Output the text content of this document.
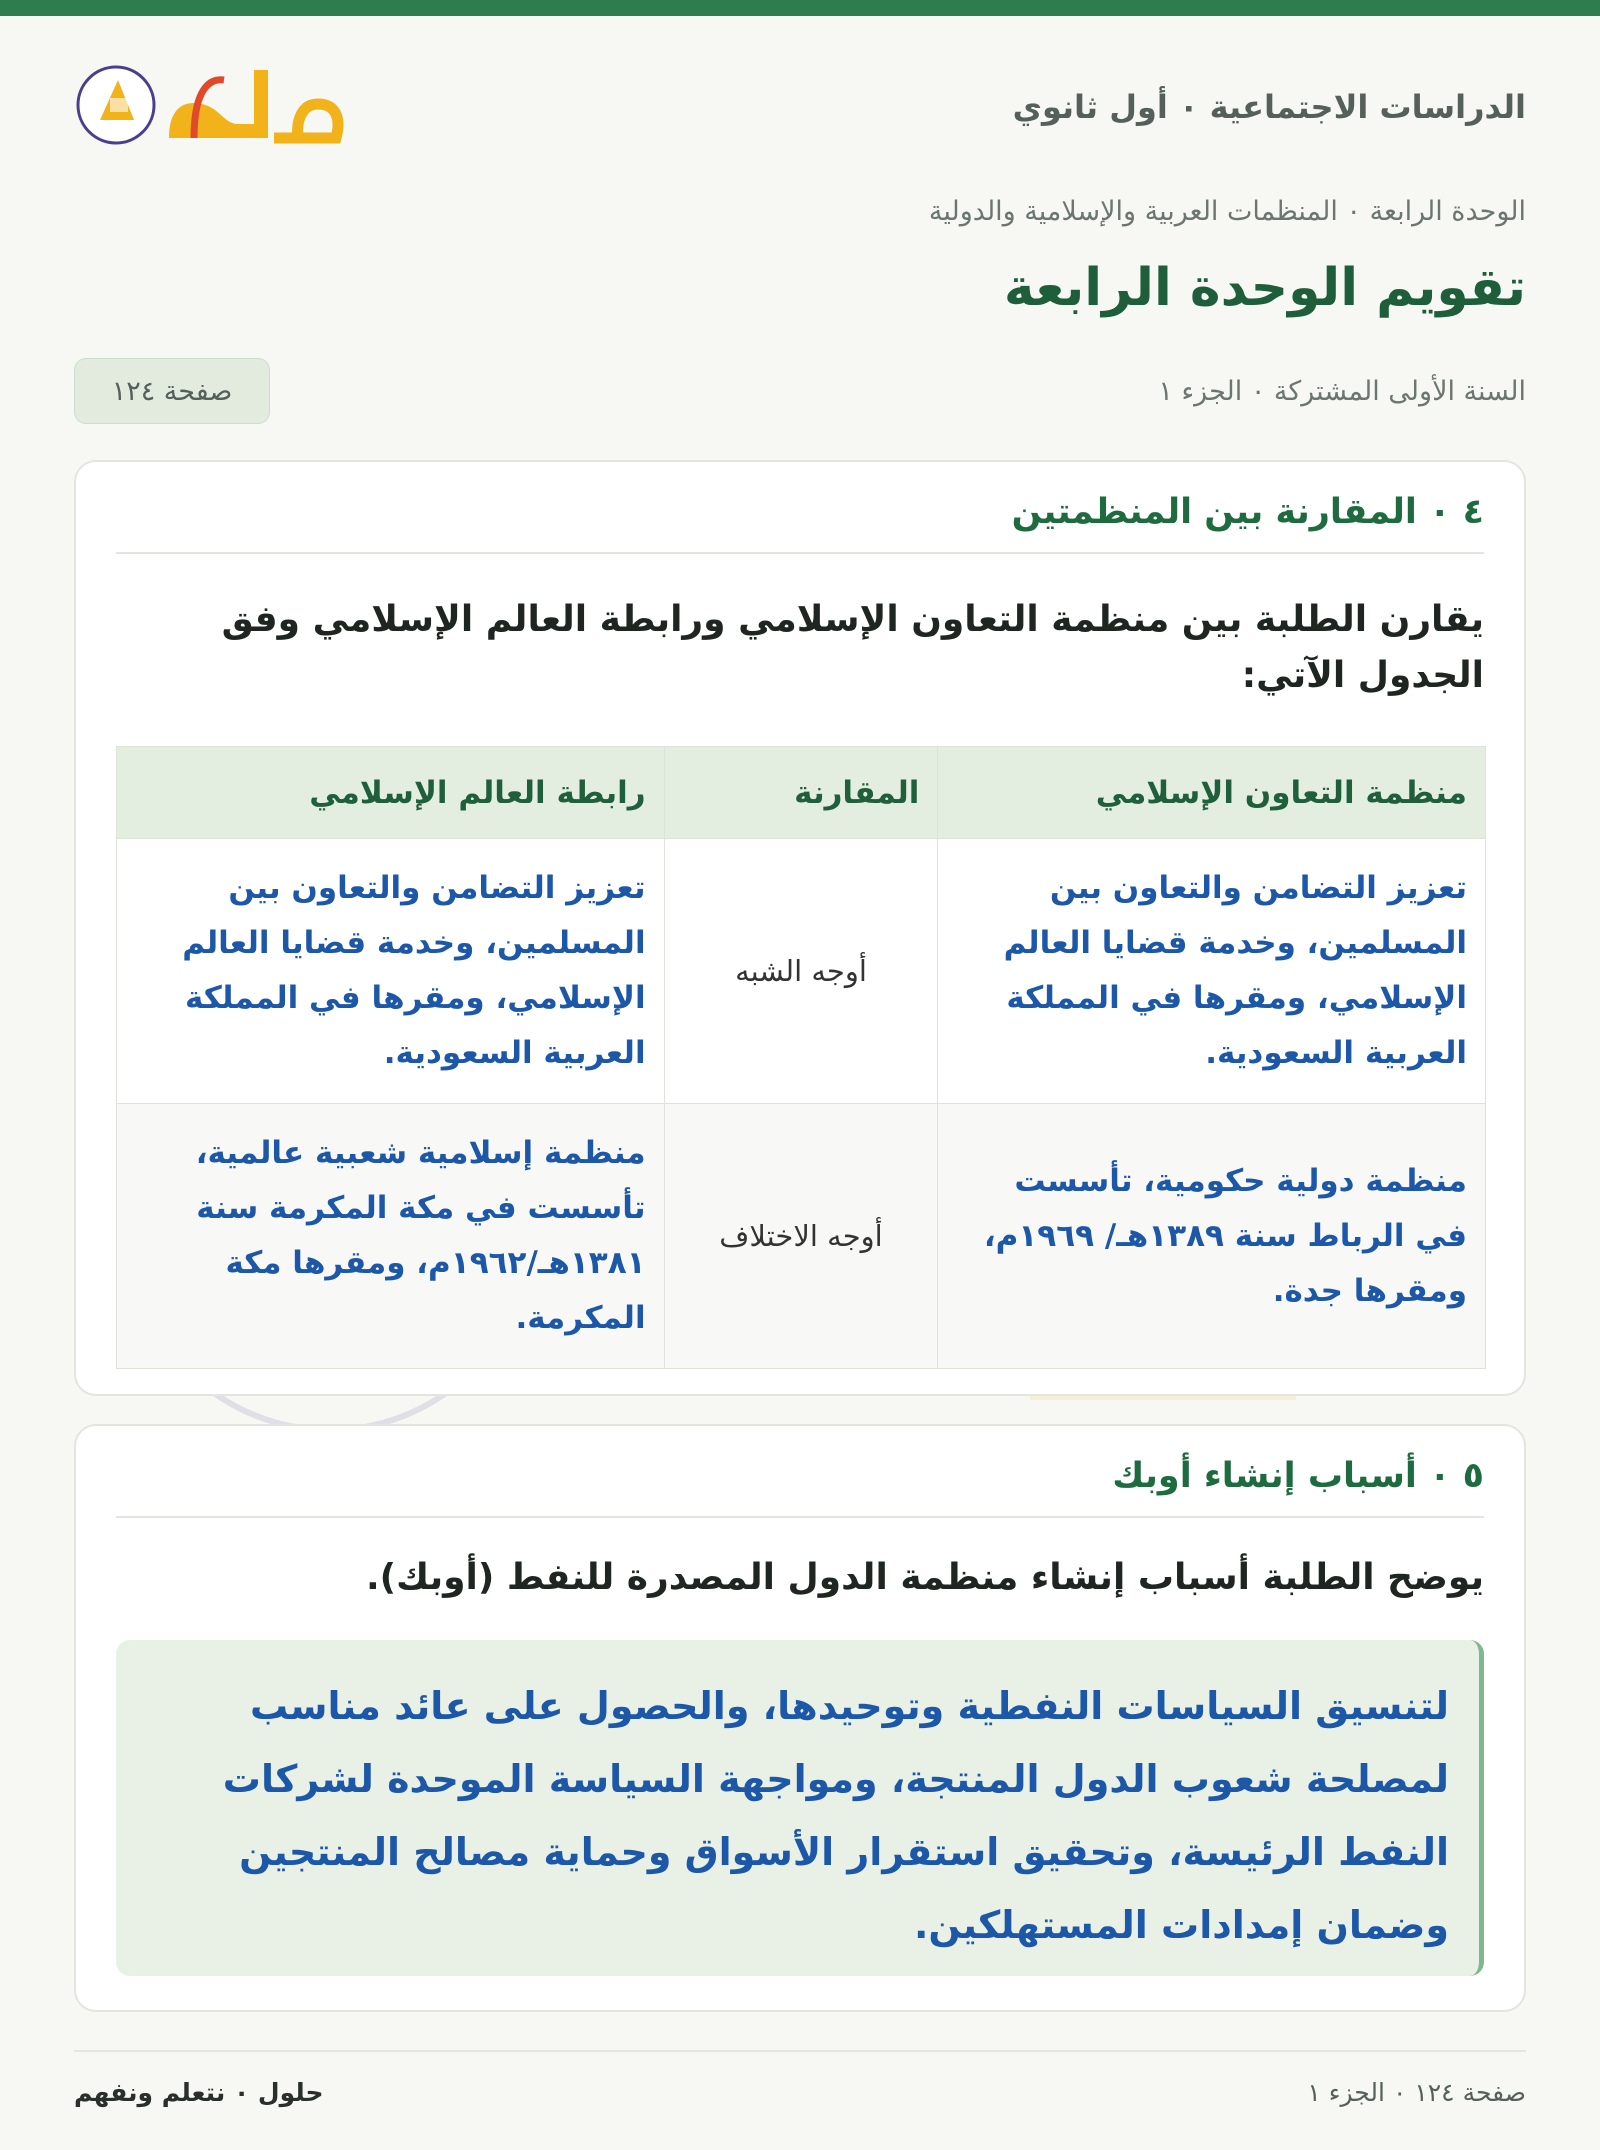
الدراسات الاجتماعية ٠ أول ثانوي
الوحدة الرابعة ٠ المنظمات العربية والإسلامية والدولية
تقويم الوحدة الرابعة
السنة الأولى المشتركة ٠ الجزء ١
صفحة ١٢٤
٤ ٠ المقارنة بين المنظمتين

يقارن الطلبة بين منظمة التعاون الإسلامي ورابطة العالم الإسلامي وفق الجدول الآتي:

منظمة التعاون الإسلامي	المقارنة	رابطة العالم الإسلامي
تعزيز التضامن والتعاون بين المسلمين، وخدمة قضايا العالم الإسلامي، ومقرها في المملكة العربية السعودية.	أوجه الشبه	تعزيز التضامن والتعاون بين المسلمين، وخدمة قضايا العالم الإسلامي، ومقرها في المملكة العربية السعودية.
منظمة دولية حكومية، تأسست في الرباط سنة ١٣٨٩هـ/ ١٩٦٩م، ومقرها جدة.	أوجه الاختلاف	منظمة إسلامية شعبية عالمية، تأسست في مكة المكرمة سنة ١٣٨١هـ/١٩٦٢م، ومقرها مكة المكرمة.
٥ ٠ أسباب إنشاء أوبك

يوضح الطلبة أسباب إنشاء منظمة الدول المصدرة للنفط (أوبك).

لتنسيق السياسات النفطية وتوحيدها، والحصول على عائد مناسب لمصلحة شعوب الدول المنتجة، ومواجهة السياسة الموحدة لشركات النفط الرئيسة، وتحقيق استقرار الأسواق وحماية مصالح المنتجين وضمان إمدادات المستهلكين.
صفحة ١٢٤ ٠ الجزء ١
حلول ٠ نتعلم ونفهم
